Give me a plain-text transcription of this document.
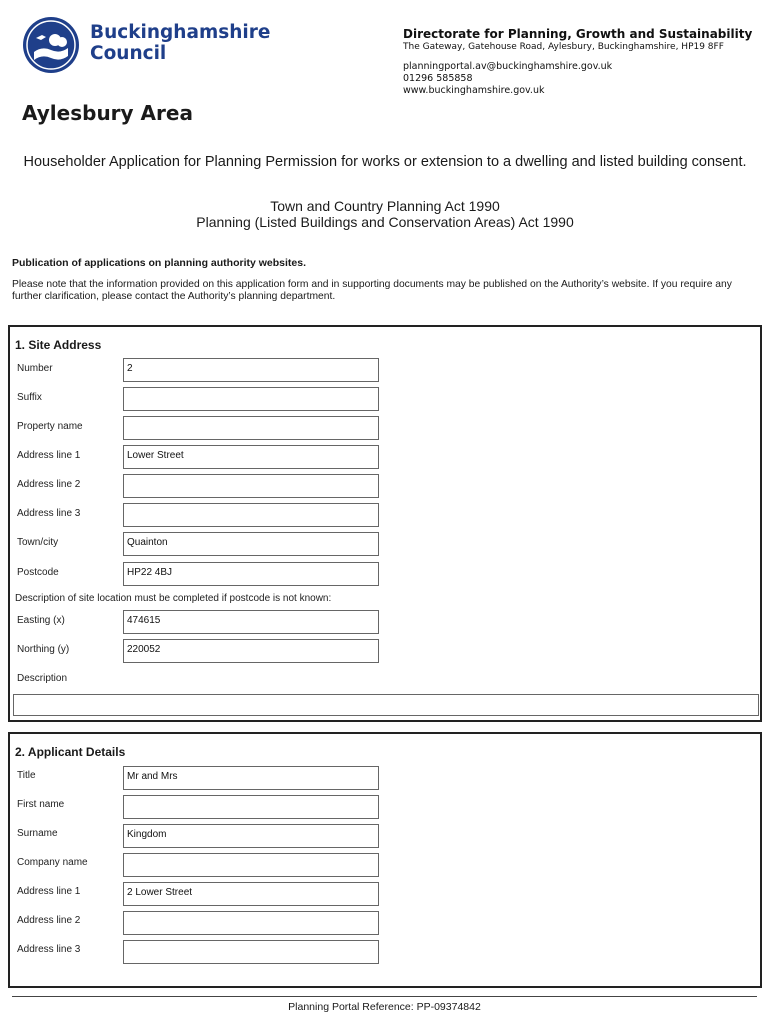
Buckinghamshire
Council
Directorate for Planning, Growth and Sustainability
The Gateway, Gatehouse Road, Aylesbury, Buckinghamshire, HP19 8FF
planningportal.av@buckinghamshire.gov.uk
01296 585858
www.buckinghamshire.gov.uk
Aylesbury Area
Householder Application for Planning Permission for works or extension to a dwelling and listed building consent.
Town and Country Planning Act 1990
Planning (Listed Buildings and Conservation Areas) Act 1990
Publication of applications on planning authority websites.
Please note that the information provided on this application form and in supporting documents may be published on the Authority’s website. If you require any further clarification, please contact the Authority’s planning department.
1. Site Address
Number	2
Suffix
Property name
Address line 1	Lower Street
Address line 2
Address line 3
Town/city	Quainton
Postcode	HP22 4BJ
Description of site location must be completed if postcode is not known:
Easting (x)	474615
Northing (y)	220052
Description
2. Applicant Details
Title	Mr and Mrs
First name
Surname	Kingdom
Company name
Address line 1	2 Lower Street
Address line 2
Address line 3
Planning Portal Reference: PP-09374842
